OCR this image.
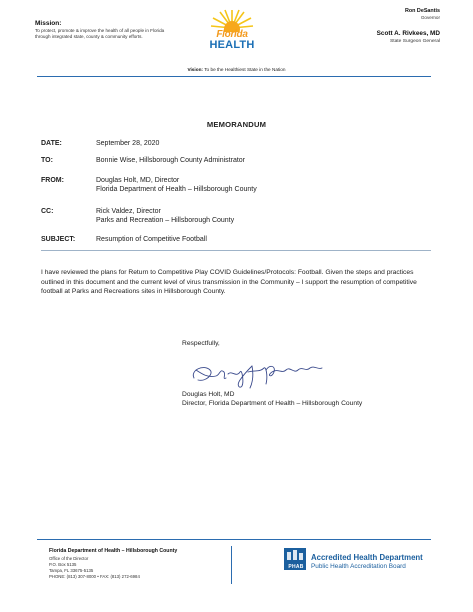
Mission:
To protect, promote & improve the health of all people in Florida through integrated state, county & community efforts.	Florida
HEALTH
Ron DeSantis
Governor
Scott A. Rivkees, MD
State Surgeon General
Vision: To be the Healthiest State in the Nation
MEMORANDUM
DATE:	September 28, 2020
TO:	Bonnie Wise, Hillsborough County Administrator
FROM:	Douglas Holt, MD, Director
Florida Department of Health – Hillsborough County
CC:	Rick Valdez, Director
Parks and Recreation – Hillsborough County
SUBJECT:	Resumption of Competitive Football
I have reviewed the plans for Return to Competitive Play COVID Guidelines/Protocols: Football. Given the steps and practices outlined in this document and the current level of virus transmission in the Community – I support the resumption of competitive football at Parks and Recreations sites in Hillsborough County.
Respectfully,
Douglas Holt, MD
Director, Florida Department of Health – Hillsborough County
Florida Department of Health – Hillsborough County
Office of the Director
P.O. Box 5135
Tampa, FL 33675-5135
PHONE: (813) 307-8000 • FAX: (813) 272-6984
PHAB
Accredited Health Department
Public Health Accreditation Board
